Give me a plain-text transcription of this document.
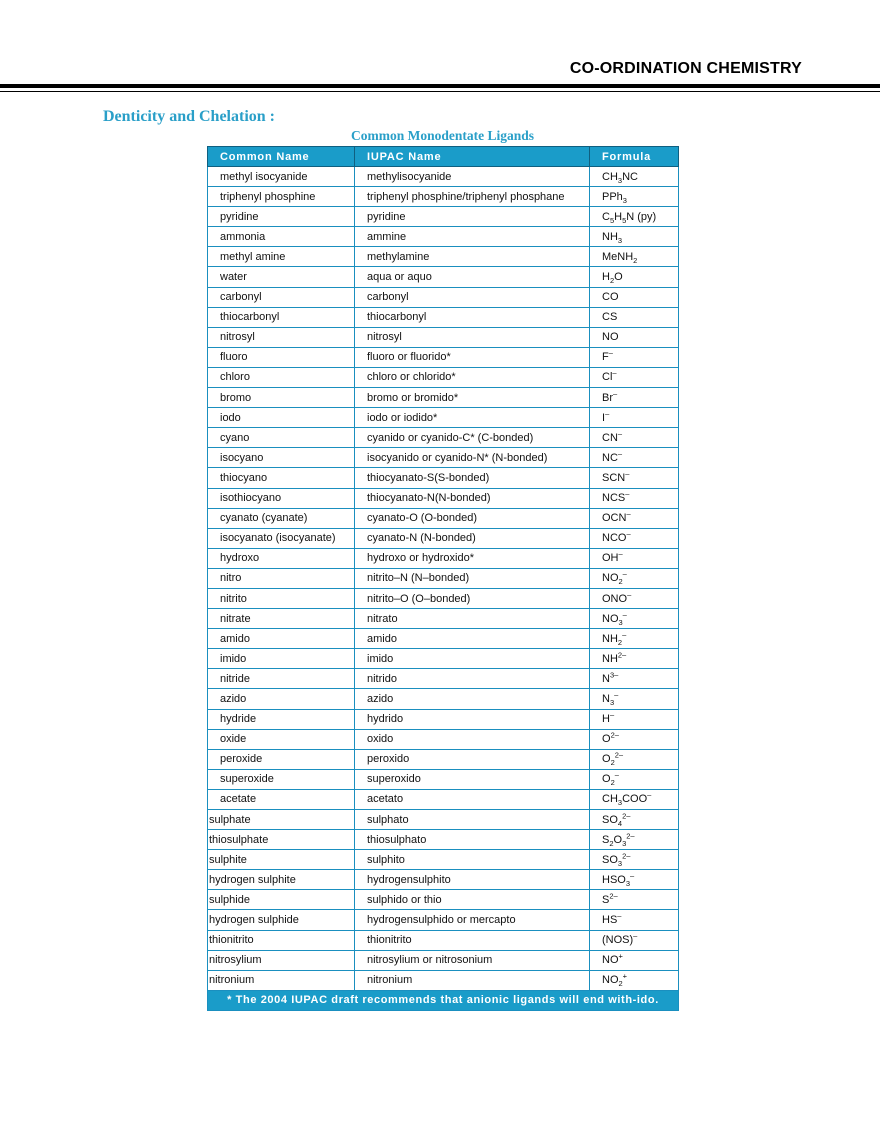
CO-ORDINATION CHEMISTRY
Denticity and Chelation :
Common Monodentate Ligands
Common Name	IUPAC Name	Formula
methyl isocyanide	methylisocyanide	$CH_3NC$
triphenyl phosphine	triphenyl phosphine/triphenyl phosphane	PPh$_3$
pyridine	pyridine	$C_5H_5N$ (py)
ammonia	ammine	$NH_3$
methyl amine	methylamine	MeNH$_2$
water	aqua or aquo	$H_2O$
carbonyl	carbonyl	CO
thiocarbonyl	thiocarbonyl	CS
nitrosyl	nitrosyl	NO
fluoro	fluoro or fluorido*	F–
chloro	chloro or chlorido*	Cl–
bromo	bromo or bromido*	Br–
iodo	iodo or iodido*	I–
cyano	cyanido or cyanido-C* (C-bonded)	CN–
isocyano	isocyanido or cyanido-N* (N-bonded)	NC–
thiocyano	thiocyanato-S(S-bonded)	SCN–
isothiocyano	thiocyanato-N(N-bonded)	NCS–
cyanato (cyanate)	cyanato-O (O-bonded)	OCN–
isocyanato (isocyanate)	cyanato-N (N-bonded)	NCO–
hydroxo	hydroxo or hydroxido*	OH–
nitro	nitrito–N (N–bonded)	$NO_2^-$
nitrito	nitrito–O (O–bonded)	ONO–
nitrate	nitrato	$NO_3^-$
amido	amido	$NH_2^-$
imido	imido	$NH^{2-}$
nitride	nitrido	$N^{3-}$
azido	azido	$N_3^-$
hydride	hydrido	H–
oxide	oxido	$O^{2-}$
peroxide	peroxido	$O_2^{2-}$
superoxide	superoxido	$O_2^-$
acetate	acetato	$CH_3COO^-$
sulphate	sulphato	$SO_4^{2-}$
thiosulphate	thiosulphato	$S_2O_3^{2-}$
sulphite	sulphito	$SO_3^{2-}$
hydrogen sulphite	hydrogensulphito	$HSO_3^-$
sulphide	sulphido or thio	$S^{2-}$
hydrogen sulphide	hydrogensulphido or mercapto	HS–
thionitrito	thionitrito	(NOS)–
nitrosylium	nitrosylium or nitrosonium	NO+
nitronium	nitronium	$NO_2^+$
* The 2004 IUPAC draft recommends that anionic ligands will end with-ido.		
